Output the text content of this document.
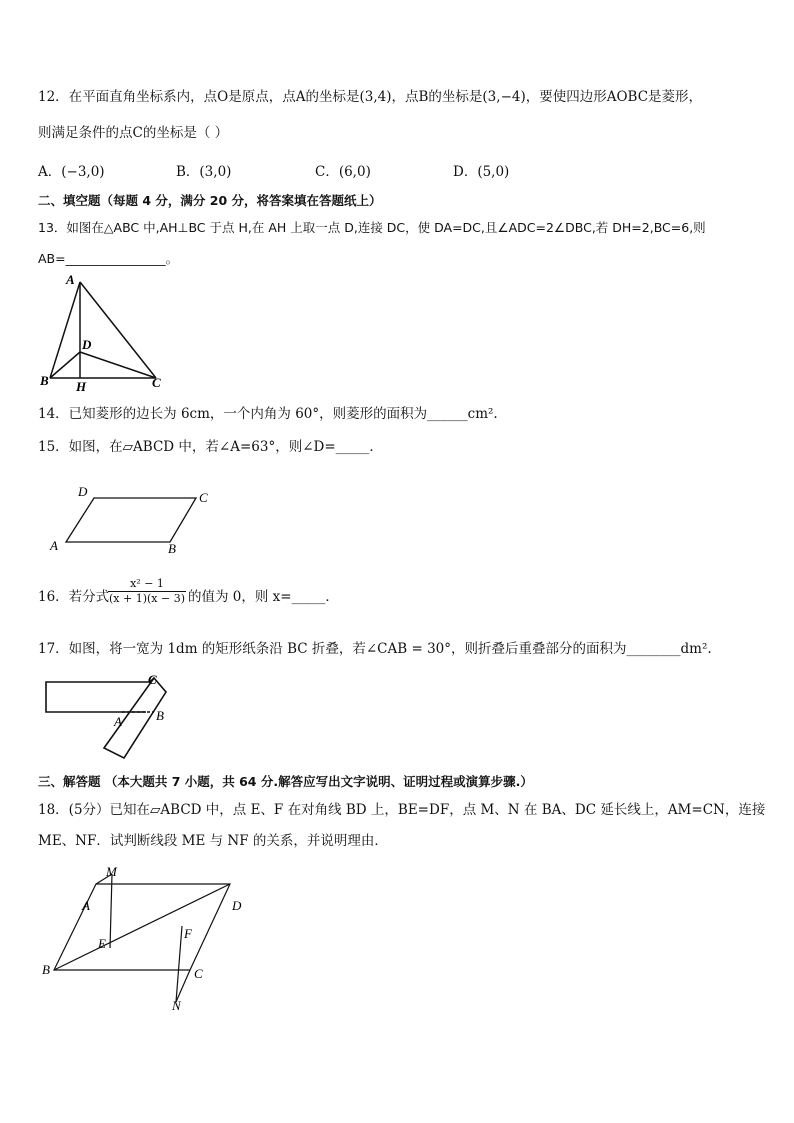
12．在平面直角坐标系内，点O是原点，点A的坐标是(3,4)，点B的坐标是(3,−4)，要使四边形AOBC是菱形，
则满足条件的点C的坐标是（ ）
A．(−3,0)	B．(3,0)	C．(6,0)	D．(5,0)
二、填空题（每题 4 分，满分 20 分，将答案填在答题纸上）
13．如图在△ABC 中,AH⊥BC 于点 H,在 AH 上取一点 D,连接 DC，使 DA=DC,且∠ADC=2∠DBC,若 DH=2,BC=6,则
AB=________________。
A
D
B H	C
14．已知菱形的边长为 6cm，一个内角为 60°，则菱形的面积为______cm².
15．如图，在▱ABCD 中，若∠A=63°，则∠D=_____．
D	C
A	B
16．若分式
$\frac{\text{x² − 1}}{(x + 1)(x - 3)}$ 的值为 0，则 x=_____．
17．如图，将一宽为 1dm 的矩形纸条沿 BC 折叠，若∠CAB = 30°，则折叠后重叠部分的面积为________dm².
C
A	B
三、解答题 （本大题共 7 小题，共 64 分.解答应写出文字说明、证明过程或演算步骤.）
18．(5分）已知在▱ABCD 中，点 E、F 在对角线 BD 上，BE=DF，点 M、N 在 BA、DC 延长线上，AM=CN，连接
ME、NF．试判断线段 ME 与 NF 的关系，并说明理由．
M
A	D
E
F
B	C
N
